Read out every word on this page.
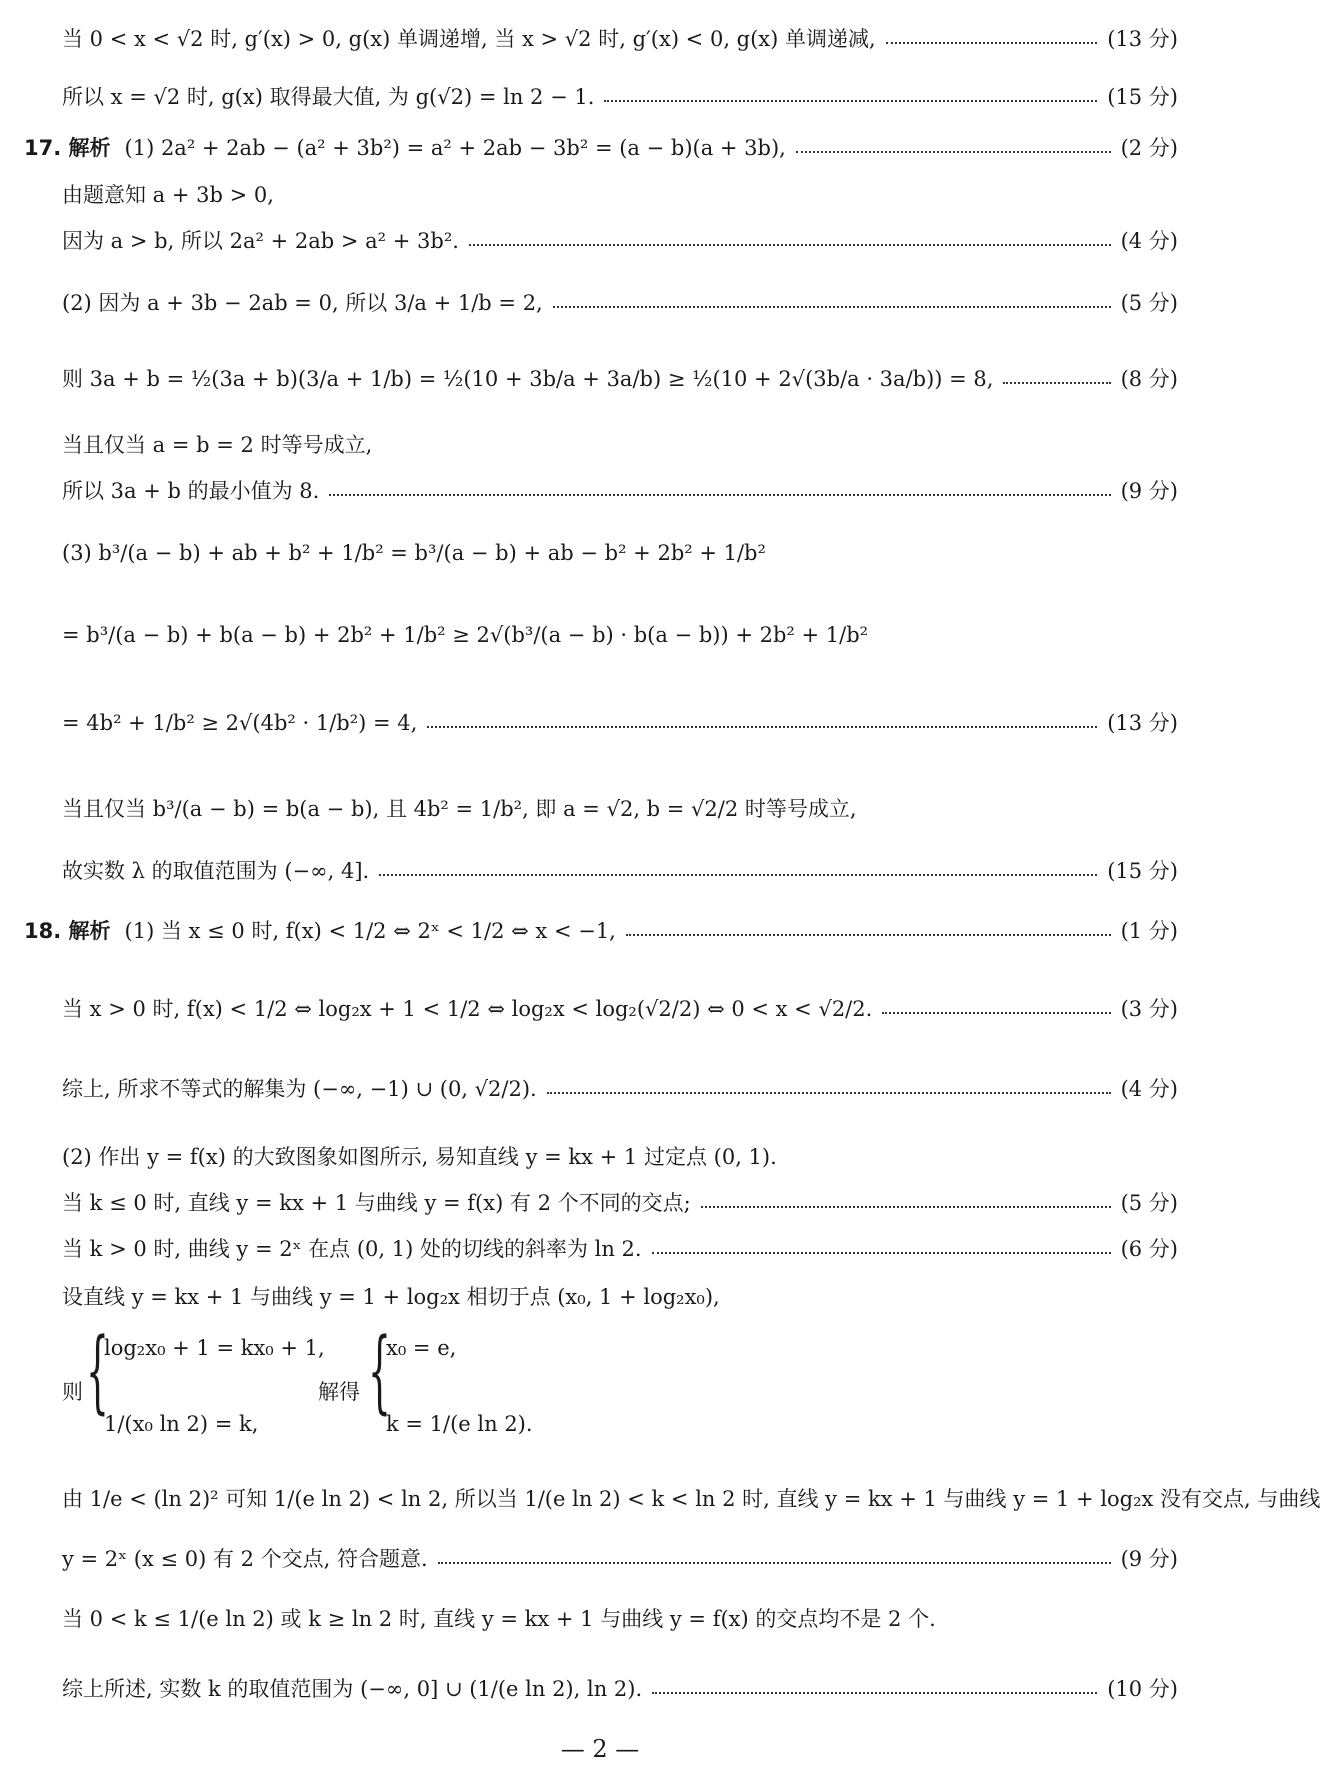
当 0 < x < √2 时, g′(x) > 0, g(x) 单调递增, 当 x > √2 时, g′(x) < 0, g(x) 单调递减,	(13 分)
所以 x = √2 时, g(x) 取得最大值, 为 g(√2) = ln 2 − 1.	(15 分)
17. 解析 (1) 2a² + 2ab − (a² + 3b²) = a² + 2ab − 3b² = (a − b)(a + 3b),	(2 分)
由题意知 a + 3b > 0,
因为 a > b, 所以 2a² + 2ab > a² + 3b².	(4 分)
(2) 因为 a + 3b − 2ab = 0, 所以 3/a + 1/b = 2,	(5 分)
则 3a + b = ½(3a + b)(3/a + 1/b) = ½(10 + 3b/a + 3a/b) ≥ ½(10 + 2√(3b/a · 3a/b)) = 8,	(8 分)
当且仅当 a = b = 2 时等号成立,
所以 3a + b 的最小值为 8.	(9 分)
(3) b³/(a − b) + ab + b² + 1/b² = b³/(a − b) + ab − b² + 2b² + 1/b²
= b³/(a − b) + b(a − b) + 2b² + 1/b² ≥ 2√(b³/(a − b) · b(a − b)) + 2b² + 1/b²
= 4b² + 1/b² ≥ 2√(4b² · 1/b²) = 4,	(13 分)
当且仅当 b³/(a − b) = b(a − b), 且 4b² = 1/b², 即 a = √2, b = √2/2 时等号成立,
故实数 λ 的取值范围为 (−∞, 4].	(15 分)
18. 解析 (1) 当 x ≤ 0 时, f(x) < 1/2 ⇔ 2ˣ < 1/2 ⇔ x < −1,	(1 分)
当 x > 0 时, f(x) < 1/2 ⇔ log₂x + 1 < 1/2 ⇔ log₂x < log₂(√2/2) ⇔ 0 < x < √2/2.	(3 分)
综上, 所求不等式的解集为 (−∞, −1) ∪ (0, √2/2).	(4 分)
(2) 作出 y = f(x) 的大致图象如图所示, 易知直线 y = kx + 1 过定点 (0, 1).
当 k ≤ 0 时, 直线 y = kx + 1 与曲线 y = f(x) 有 2 个不同的交点;	(5 分)
当 k > 0 时, 曲线 y = 2ˣ 在点 (0, 1) 处的切线的斜率为 ln 2.	(6 分)
设直线 y = kx + 1 与曲线 y = 1 + log₂x 相切于点 (x₀, 1 + log₂x₀),
则 {
log₂x₀ + 1 = kx₀ + 1,
1/(x₀ ln 2) = k,
解得 {
x₀ = e,
k = 1/(e ln 2).
由 1/e < (ln 2)² 可知 1/(e ln 2) < ln 2, 所以当 1/(e ln 2) < k < ln 2 时, 直线 y = kx + 1 与曲线 y = 1 + log₂x 没有交点, 与曲线
y = 2ˣ (x ≤ 0) 有 2 个交点, 符合题意.	(9 分)
当 0 < k ≤ 1/(e ln 2) 或 k ≥ ln 2 时, 直线 y = kx + 1 与曲线 y = f(x) 的交点均不是 2 个.
综上所述, 实数 k 的取值范围为 (−∞, 0] ∪ (1/(e ln 2), ln 2).	(10 分)
— 2 —
